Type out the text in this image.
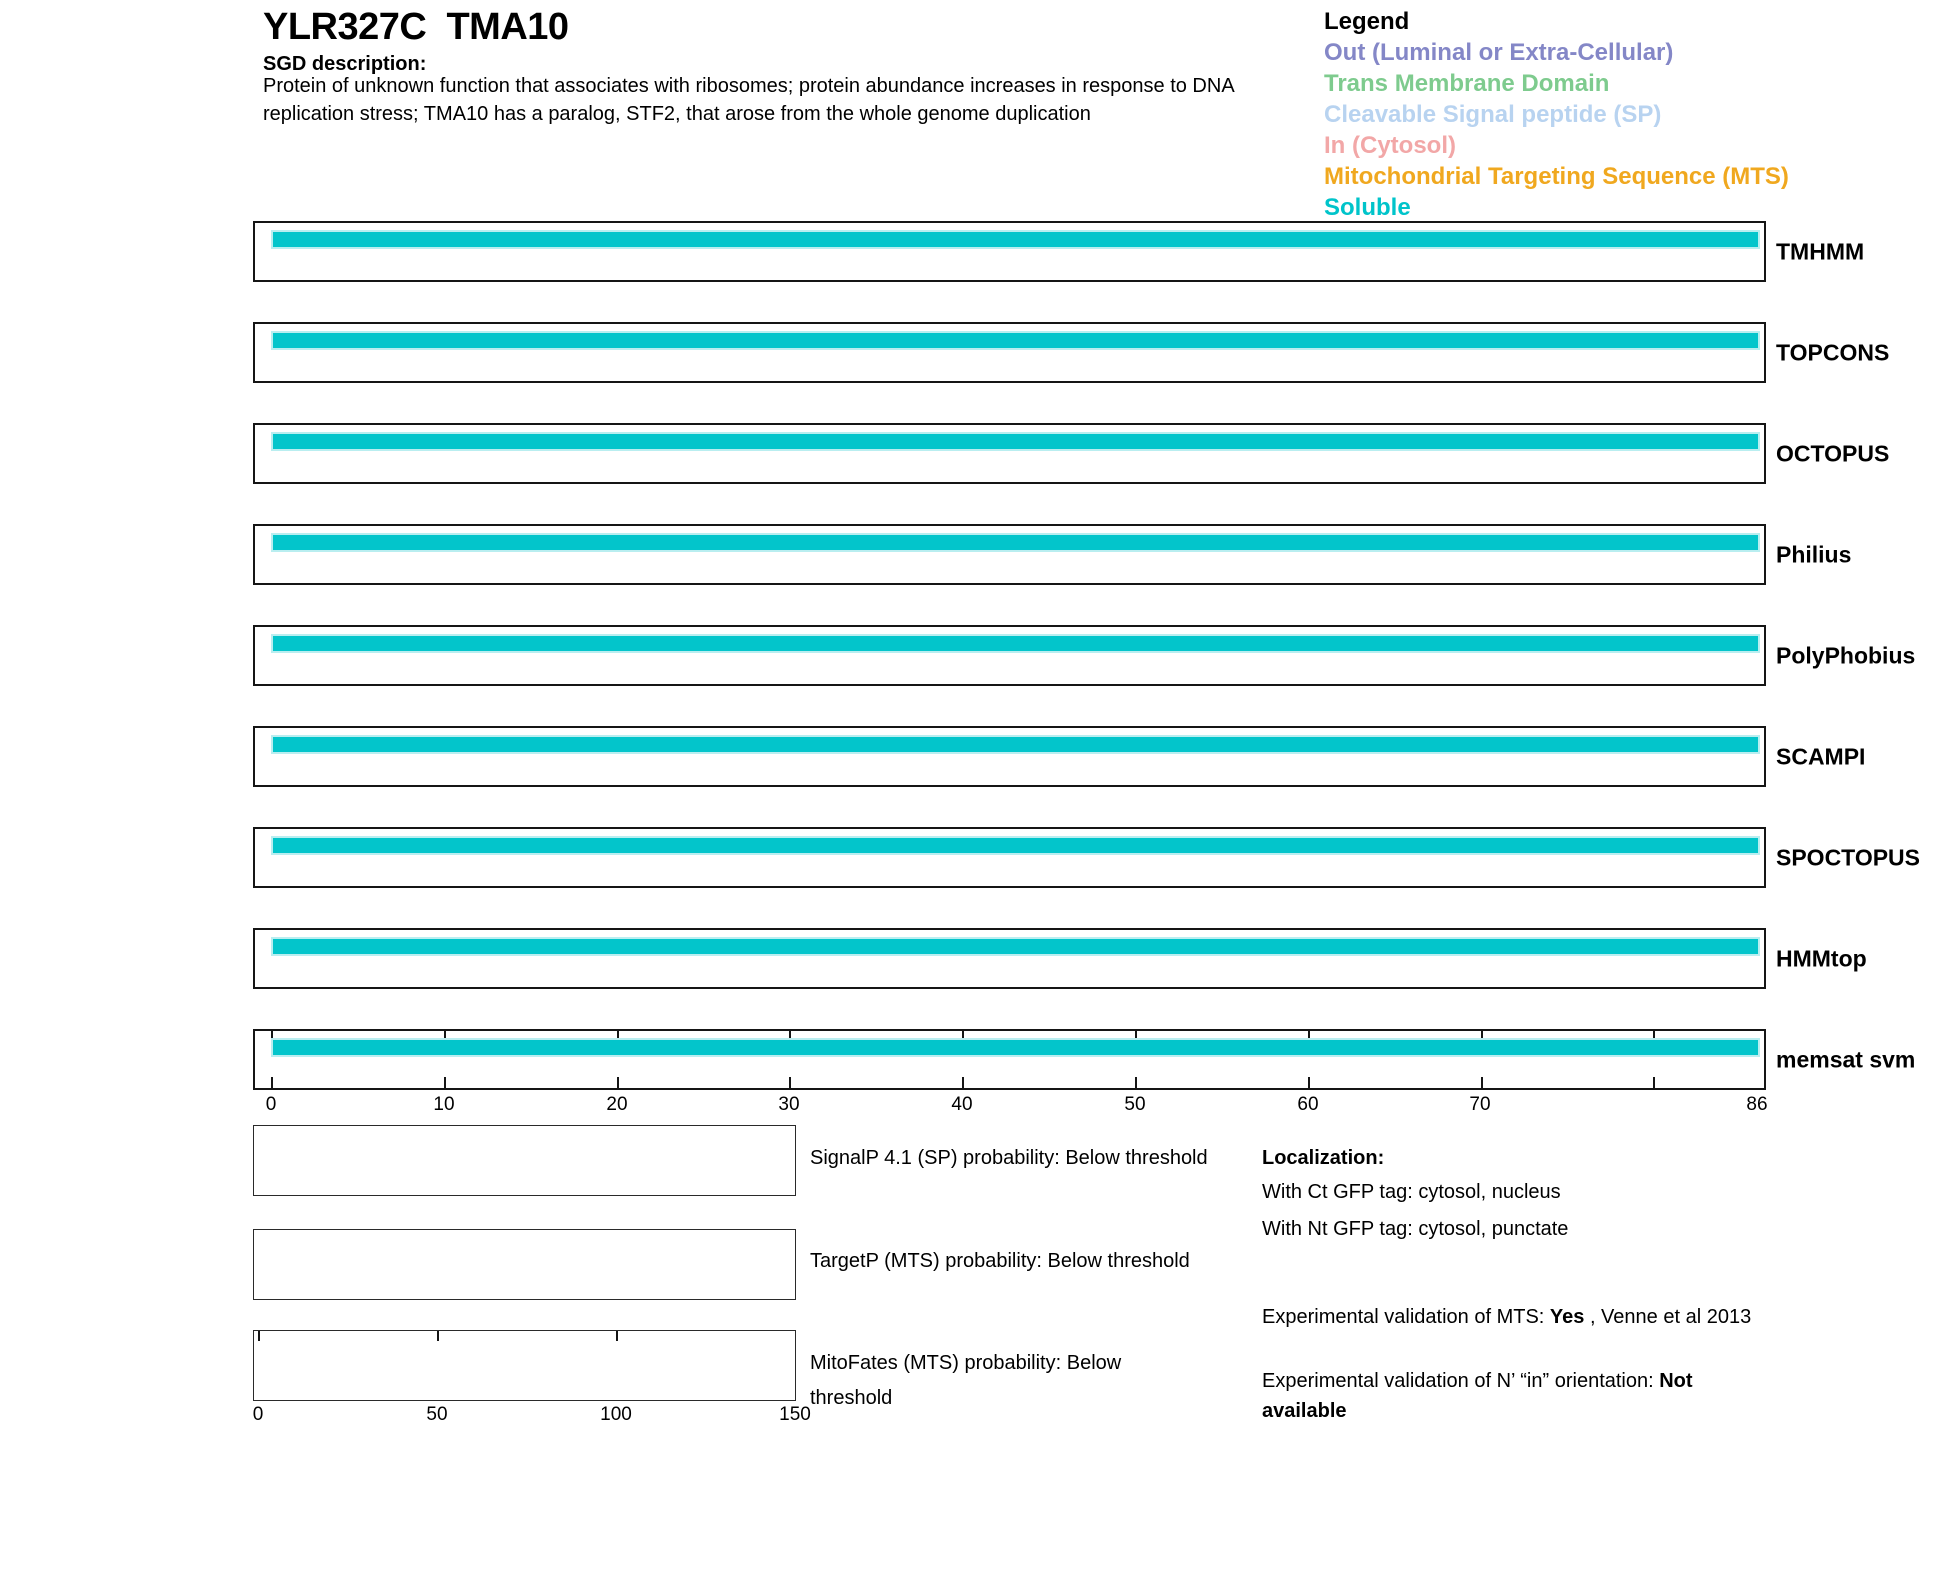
YLR327C  TMA10
SGD description:
Protein of unknown function that associates with ribosomes; protein abundance increases in response to DNA
replication stress; TMA10 has a paralog, STF2, that arose from the whole genome duplication
Legend
Out (Luminal or Extra-Cellular)
Trans Membrane Domain
Cleavable Signal peptide (SP)
In (Cytosol)
Mitochondrial Targeting Sequence (MTS)
Soluble
TMHMM
TOPCONS
OCTOPUS
Philius
PolyPhobius
SCAMPI
SPOCTOPUS
HMMtop
memsat svm
0	10	20	30	40	50	60	70	86
SignalP 4.1 (SP) probability: Below threshold
TargetP (MTS) probability: Below threshold
MitoFates (MTS) probability: Below threshold
0	50	100	150
Localization:
With Ct GFP tag: cytosol, nucleus
With Nt GFP tag: cytosol, punctate
Experimental validation of MTS: Yes , Venne et al 2013
Experimental validation of N’ “in” orientation: Not
available
